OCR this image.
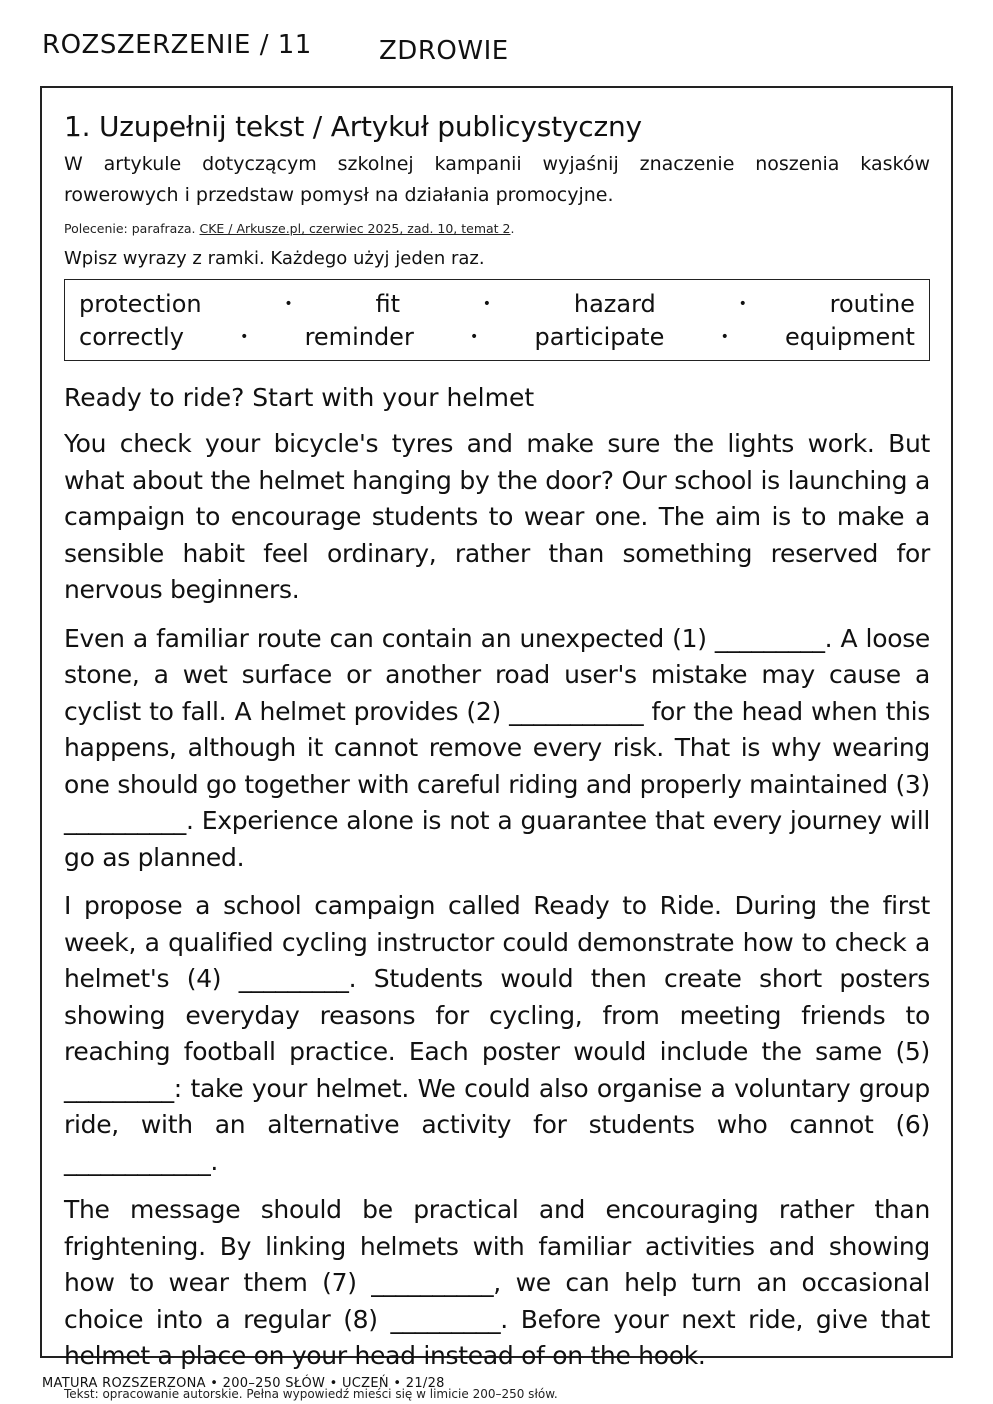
ROZSZERZENIE / 11	ZDROWIE
1. Uzupełnij tekst / Artykuł publicystyczny

W artykule dotyczącym szkolnej kampanii wyjaśnij znaczenie noszenia kasków rowerowych i przedstaw pomysł na działania promocyjne.

Polecenie: parafraza. CKE / Arkusze.pl, czerwiec 2025, zad. 10, temat 2.

Wpisz wyrazy z ramki. Każdego użyj jeden raz.

protection	•	fit	•	hazard	•	routine
correctly	• reminder	• participate	• equipment
Ready to ride? Start with your helmet

You check your bicycle's tyres and make sure the lights work. But what about the helmet hanging by the door? Our school is launching a campaign to encourage students to wear one. The aim is to make a sensible habit feel ordinary, rather than something reserved for nervous beginners.

Even a familiar route can contain an unexpected (1) _________. A loose stone, a wet surface or another road user's mistake may cause a cyclist to fall. A helmet provides (2) ___________ for the head when this happens, although it cannot remove every risk. That is why wearing one should go together with careful riding and properly maintained (3) __________. Experience alone is not a guarantee that every journey will go as planned.

I propose a school campaign called Ready to Ride. During the first week, a qualified cycling instructor could demonstrate how to check a helmet's (4) _________. Students would then create short posters showing everyday reasons for cycling, from meeting friends to reaching football practice. Each poster would include the same (5) _________: take your helmet. We could also organise a voluntary group ride, with an alternative activity for students who cannot (6) ____________.

The message should be practical and encouraging rather than frightening. By linking helmets with familiar activities and showing how to wear them (7) __________, we can help turn an occasional choice into a regular (8) _________. Before your next ride, give that helmet a place on your head instead of on the hook.

Tekst: opracowanie autorskie. Pełna wypowiedź mieści się w limicie 200–250 słów.
MATURA ROZSZERZONA • 200–250 SŁÓW • UCZEŃ • 21/28
